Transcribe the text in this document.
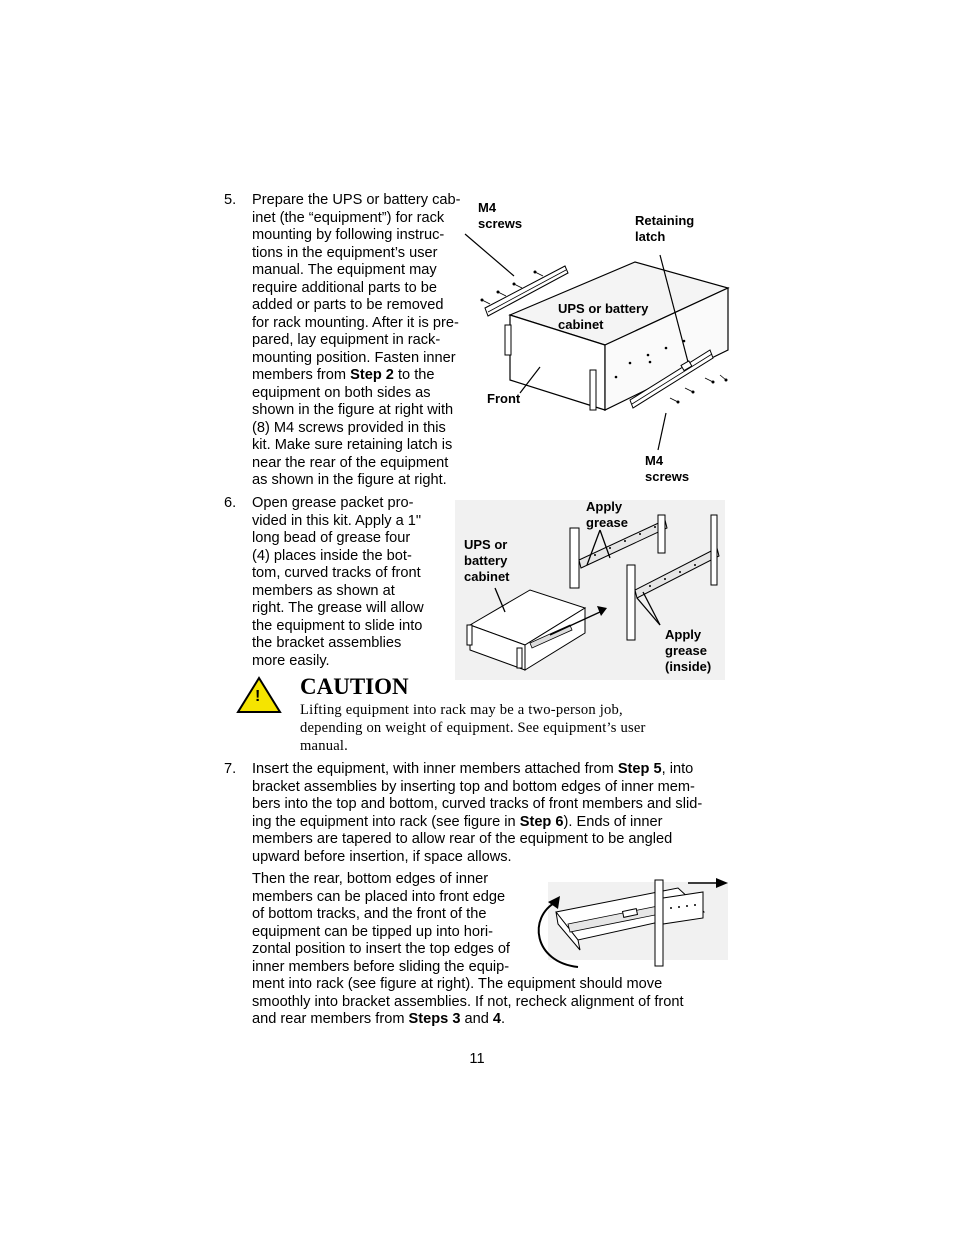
5. Prepare the UPS or battery cab-
inet (the “equipment”) for rack
mounting by following instruc-
tions in the equipment’s user
manual. The equipment may
require additional parts to be
added or parts to be removed
for rack mounting. After it is pre-
pared, lay equipment in rack-
mounting position. Fasten inner
members from Step 2 to the
equipment on both sides as
shown in the figure at right with
(8) M4 screws provided in this
kit. Make sure retaining latch is
near the rear of the equipment
as shown in the figure at right.
M4
screws	Retaining
latch
UPS or battery
cabinet
Front
M4
screws
6. Open grease packet pro-
vided in this kit. Apply a 1"
long bead of grease four
(4) places inside the bot-
tom, curved tracks of front
members as shown at
right. The grease will allow
the equipment to slide into
the bracket assemblies
more easily.
Apply
grease
UPS or
battery
cabinet
Apply
grease
(inside)
! CAUTION
Lifting equipment into rack may be a two-person job,
depending on weight of equipment. See equipment’s user
manual.
7. Insert the equipment, with inner members attached from Step 5, into
bracket assemblies by inserting top and bottom edges of inner mem-
bers into the top and bottom, curved tracks of front members and slid-
ing the equipment into rack (see figure in Step 6). Ends of inner
members are tapered to allow rear of the equipment to be angled
upward before insertion, if space allows.
Then the rear, bottom edges of inner
members can be placed into front edge
of bottom tracks, and the front of the
equipment can be tipped up into hori-
zontal position to insert the top edges of
inner members before sliding the equip-
ment into rack (see figure at right). The equipment should move
smoothly into bracket assemblies. If not, recheck alignment of front
and rear members from Steps 3 and 4.
11
